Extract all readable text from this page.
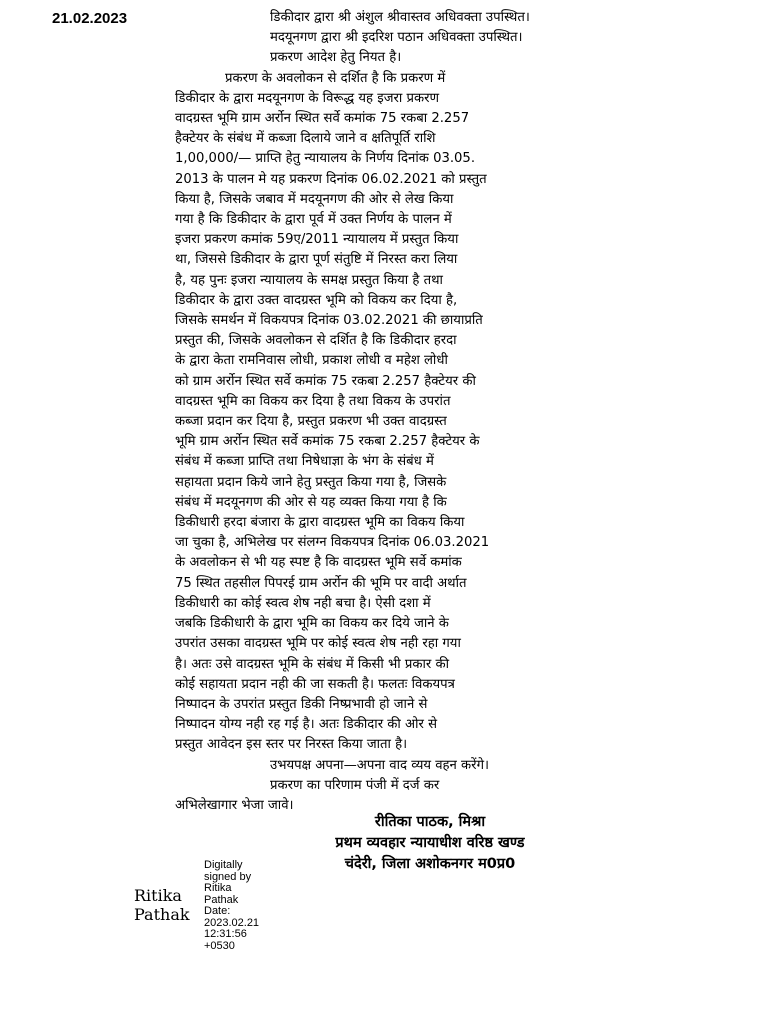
21.02.2023	डिकीदार द्वारा श्री अंशुल श्रीवास्तव अधिवक्ता उपस्थित।
मदयूनगण द्वारा श्री इदरिश पठान अधिवक्ता उपस्थित।
प्रकरण आदेश हेतु नियत है।
प्रकरण के अवलोकन से दर्शित है कि प्रकरण में
डिकीदार के द्वारा मदयूनगण के विरूद्ध यह इजरा प्रकरण
वादग्रस्त भूमि ग्राम अर्रोन स्थित सर्वे कमांक 75 रकबा 2.257
हैक्टेयर के संबंध में कब्जा दिलाये जाने व क्षतिपूर्ति राशि
1,00,000/— प्राप्ति हेतु न्यायालय के निर्णय दिनांक 03.05.
2013 के पालन मे यह प्रकरण दिनांक 06.02.2021 को प्रस्तुत
किया है, जिसके जबाव में मदयूनगण की ओर से लेख किया
गया है कि डिकीदार के द्वारा पूर्व में उक्त निर्णय के पालन में
इजरा प्रकरण कमांक 59ए/2011 न्यायालय में प्रस्तुत किया
था, जिससे डिकीदार के द्वारा पूर्ण संतुष्टि में निरस्त करा लिया
है, यह पुनः इजरा न्यायालय के समक्ष प्रस्तुत किया है तथा
डिकीदार के द्वारा उक्त वादग्रस्त भूमि को विकय कर दिया है,
जिसके समर्थन में विकयपत्र दिनांक 03.02.2021 की छायाप्रति
प्रस्तुत की, जिसके अवलोकन से दर्शित है कि डिकीदार हरदा
के द्वारा केता रामनिवास लोधी, प्रकाश लोधी व महेश लोधी
को ग्राम अर्रोन स्थित सर्वे कमांक 75 रकबा 2.257 हैक्टेयर की
वादग्रस्त भूमि का विकय कर दिया है तथा विकय के उपरांत
कब्जा प्रदान कर दिया है, प्रस्तुत प्रकरण भी उक्त वादग्रस्त
भूमि ग्राम अर्रोन स्थित सर्वे कमांक 75 रकबा 2.257 हैक्टेयर के
संबंध में कब्जा प्राप्ति तथा निषेधाज्ञा के भंग के संबंध में
सहायता प्रदान किये जाने हेतु प्रस्तुत किया गया है, जिसके
संबंध में मदयूनगण की ओर से यह व्यक्त किया गया है कि
डिकीधारी हरदा बंजारा के द्वारा वादग्रस्त भूमि का विकय किया
जा चुका है, अभिलेख पर संलग्न विकयपत्र दिनांक 06.03.2021
के अवलोकन से भी यह स्पष्ट है कि वादग्रस्त भूमि सर्वे कमांक
75 स्थित तहसील पिपरई ग्राम अर्रोन की भूमि पर वादी अर्थात
डिकीधारी का कोई स्वत्व शेष नही बचा है। ऐसी दशा में
जबकि डिकीधारी के द्वारा भूमि का विकय कर दिये जाने के
उपरांत उसका वादग्रस्त भूमि पर कोई स्वत्व शेष नही रहा गया
है। अतः उसे वादग्रस्त भूमि के संबंध में किसी भी प्रकार की
कोई सहायता प्रदान नही की जा सकती है। फलतः विकयपत्र
निष्पादन के उपरांत प्रस्तुत डिकी निष्प्रभावी हो जाने से
निष्पादन योग्य नही रह गई है। अतः डिकीदार की ओर से
प्रस्तुत आवेदन इस स्तर पर निरस्त किया जाता है।
उभयपक्ष अपना—अपना वाद व्यय वहन करेंगे।
प्रकरण का परिणाम पंजी में दर्ज कर
अभिलेखागार भेजा जावे।
रीतिका पाठक, मिश्रा
प्रथम व्यवहार न्यायाधीश वरिष्ठ खण्ड
चंदेरी, जिला अशोकनगर म0प्र0
Ritika
Pathak
Digitally
signed by
Ritika
Pathak
Date:
2023.02.21
12:31:56
+0530
